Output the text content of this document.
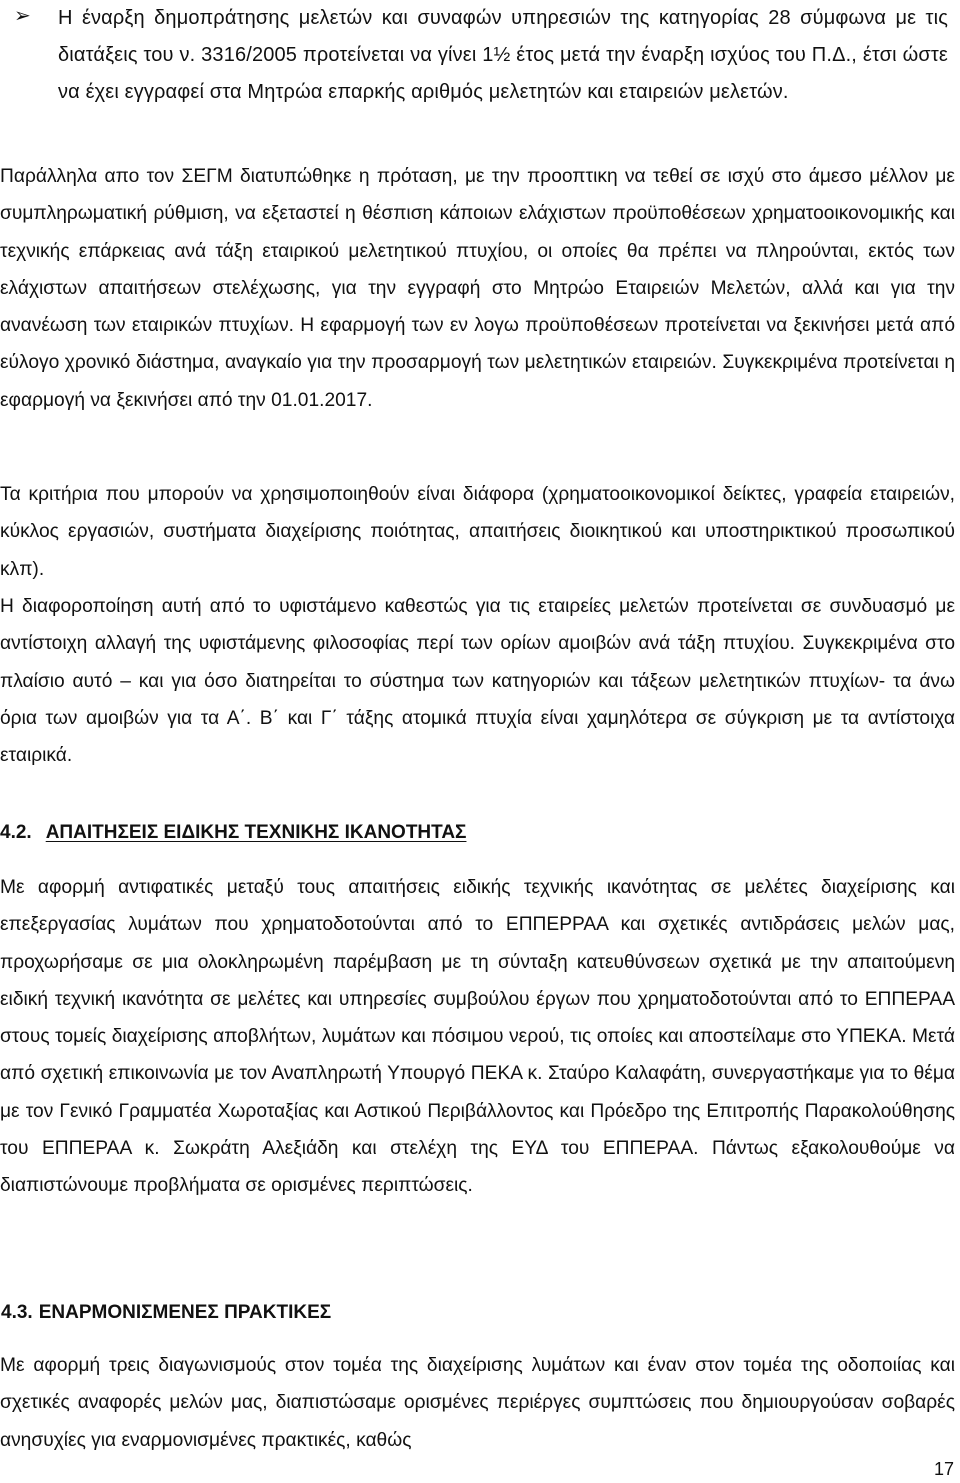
➢ Η έναρξη δημοπράτησης μελετών και συναφών υπηρεσιών της κατηγορίας 28 σύμφωνα με τις διατάξεις του ν. 3316/2005 προτείνεται να γίνει 1½ έτος μετά την έναρξη ισχύος του Π.Δ., έτσι ώστε να έχει εγγραφεί στα Μητρώα επαρκής αριθμός μελετητών και εταιρειών μελετών.

Παράλληλα απο τον ΣΕΓΜ διατυπώθηκε η πρόταση, με την προοπτικη να τεθεί σε ισχύ στο άμεσο μέλλον με συμπληρωματική ρύθμιση, να εξεταστεί η θέσπιση κάποιων ελάχιστων προϋποθέσεων χρηματοοικονομικής και τεχνικής επάρκειας ανά τάξη εταιρικού μελετητικού πτυχίου, οι οποίες θα πρέπει να πληρούνται, εκτός των ελάχιστων απαιτήσεων στελέχωσης, για την εγγραφή στο Μητρώο Εταιρειών Μελετών, αλλά και για την ανανέωση των εταιρικών πτυχίων. Η εφαρμογή των εν λογω προϋποθέσεων προτείνεται να ξεκινήσει μετά από εύλογο χρονικό διάστημα, αναγκαίο για την προσαρμογή των μελετητικών εταιρειών. Συγκεκριμένα προτείνεται η εφαρμογή να ξεκινήσει από την 01.01.2017.

Τα κριτήρια που μπορούν να χρησιμοποιηθούν είναι διάφορα (χρηματοοικονομικοί δείκτες, γραφεία εταιρειών, κύκλος εργασιών, συστήματα διαχείρισης ποιότητας, απαιτήσεις διοικητικού και υποστηρικτικού προσωπικού κλπ).

Η διαφοροποίηση αυτή από το υφιστάμενο καθεστώς για τις εταιρείες μελετών προτείνεται σε συνδυασμό με αντίστοιχη αλλαγή της υφιστάμενης φιλοσοφίας περί των ορίων αμοιβών ανά τάξη πτυχίου. Συγκεκριμένα στο πλαίσιο αυτό – και για όσο διατηρείται το σύστημα των κατηγοριών και τάξεων μελετητικών πτυχίων- τα άνω όρια των αμοιβών για τα Α΄. Β΄ και Γ΄ τάξης ατομικά πτυχία είναι χαμηλότερα σε σύγκριση με τα αντίστοιχα εταιρικά.

4.2. ΑΠΑΙΤΗΣΕΙΣ ΕΙΔΙΚΗΣ ΤΕΧΝΙΚΗΣ ΙΚΑΝΟΤΗΤΑΣ

Με αφορμή αντιφατικές μεταξύ τους απαιτήσεις ειδικής τεχνικής ικανότητας σε μελέτες διαχείρισης και επεξεργασίας λυμάτων που χρηματοδοτούνται από το ΕΠΠΕΡΡΑΑ και σχετικές αντιδράσεις μελών μας, προχωρήσαμε σε μια ολοκληρωμένη παρέμβαση με τη σύνταξη κατευθύνσεων σχετικά με την απαιτούμενη ειδική τεχνική ικανότητα σε μελέτες και υπηρεσίες συμβούλου έργων που χρηματοδοτούνται από το ΕΠΠΕΡΑΑ στους τομείς διαχείρισης αποβλήτων, λυμάτων και πόσιμου νερού, τις οποίες και αποστείλαμε στο ΥΠΕΚΑ. Μετά από σχετική επικοινωνία με τον Αναπληρωτή Υπουργό ΠΕΚΑ κ. Σταύρο Καλαφάτη, συνεργαστήκαμε για το θέμα με τον Γενικό Γραμματέα Χωροταξίας και Αστικού Περιβάλλοντος και Πρόεδρο της Επιτροπής Παρακολούθησης του ΕΠΠΕΡΑΑ κ. Σωκράτη Αλεξιάδη και στελέχη της ΕΥΔ του ΕΠΠΕΡΑΑ. Πάντως εξακολουθούμε να διαπιστώνουμε προβλήματα σε ορισμένες περιπτώσεις.

4.3. ΕΝΑΡΜΟΝΙΣΜΕΝΕΣ ΠΡΑΚΤΙΚΕΣ

Με αφορμή τρεις διαγωνισμούς στον τομέα της διαχείρισης λυμάτων και έναν στον τομέα της οδοποιίας και σχετικές αναφορές μελών μας, διαπιστώσαμε ορισμένες περιέργες συμπτώσεις που δημιουργούσαν σοβαρές ανησυχίες για εναρμονισμένες πρακτικές, καθώς

17
